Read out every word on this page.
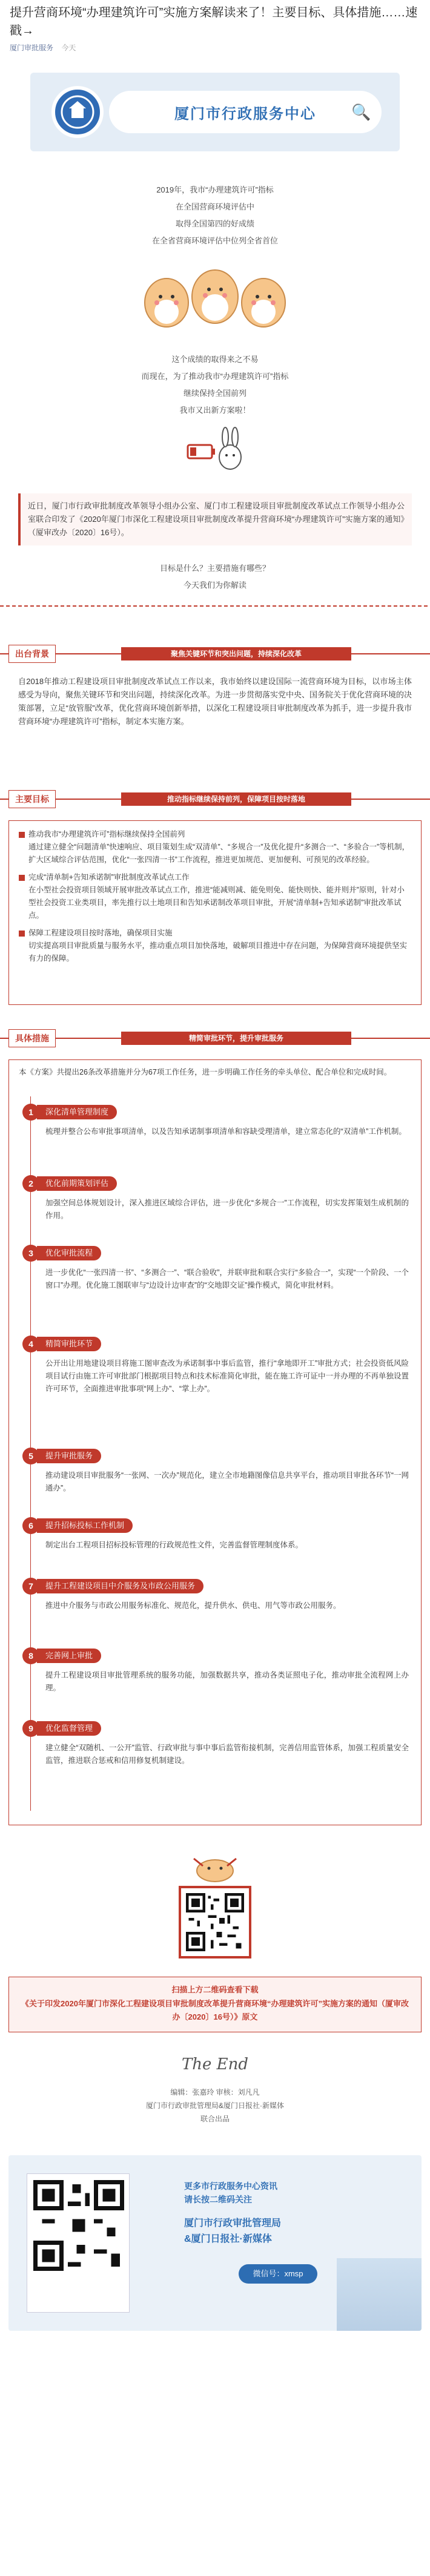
提升营商环境“办理建筑许可”实施方案解读来了！主要目标、具体措施……速戳→
厦门审批服务 今天
厦门市行政服务中心	🔍
2019年，我市“办理建筑许可”指标
在全国营商环境评估中
取得全国第四的好成绩
在全省营商环境评估中位列全省首位
这个成绩的取得来之不易
而现在，为了推动我市“办理建筑许可”指标
继续保持全国前列
我市又出新方案啦！
近日，厦门市行政审批制度改革领导小组办公室、厦门市工程建设项目审批制度改革试点工作领导小组办公室联合印发了《2020年厦门市深化工程建设项目审批制度改革提升营商环境“办理建筑许可”实施方案的通知》（厦审改办〔2020〕16号）。
目标是什么？主要措施有哪些？
今天我们为你解读
出台背景	聚焦关键环节和突出问题，持续深化改革
自2018年推动工程建设项目审批制度改革试点工作以来，我市始终以建设国际一流营商环境为目标，以市场主体感受为导向，聚焦关键环节和突出问题，持续深化改革。为进一步贯彻落实党中央、国务院关于优化营商环境的决策部署，立足“放管服”改革，优化营商环境创新举措，以深化工程建设项目审批制度改革为抓手，进一步提升我市营商环境“办理建筑许可”指标，制定本实施方案。
主要目标	推动指标继续保持前列，保障项目按时落地
推动我市“办理建筑许可”指标继续保持全国前列
通过建立健全“问题清单”快速响应、项目策划生成“双清单”、“多规合一”及优化提升“多测合一”、“多验合一”等机制，扩大区域综合评估范围，优化“一张四清一书”工作流程，推进更加规范、更加便利、可预见的改革经验。
完成“清单制+告知承诺制”审批制度改革试点工作
在小型社会投资项目领域开展审批改革试点工作，推进“能减则减、能免则免、能快则快、能并则并”原则，针对小型社会投资工业类项目，率先推行以土地项目和告知承诺制改革项目审批，开展“清单制+告知承诺制”审批改革试点。
保障工程建设项目按时落地，确保项目实施
切实提高项目审批质量与服务水平，推动重点项目加快落地，破解项目推进中存在问题，为保障营商环境提供坚实有力的保障。
具体措施	精简审批环节，提升审批服务
本《方案》共提出26条改革措施并分为67项工作任务，进一步明确工作任务的牵头单位、配合单位和完成时间。
1	深化清单管理制度
梳理并整合公布审批事项清单，以及告知承诺制事项清单和容缺受理清单，建立常态化的“双清单”工作机制。
2	优化前期策划评估
加强空间总体规划设计，深入推进区域综合评估，进一步优化“多规合一”工作流程，切实发挥策划生成机制的作用。
3	优化审批流程
进一步优化“一张四清一书”、“多测合一”、“联合验收”，并联审批和联合实行“多验合一”，实现“一个阶段、一个窗口”办理。优化施工图联审与“边设计边审查”的“交地即交证”操作模式，简化审批材料。
4	精简审批环节
公开出让用地建设项目将施工图审查改为承诺制事中事后监管，推行“拿地即开工”审批方式；社会投资低风险项目试行由施工许可审批部门根据项目特点和技术标准简化审批，能在施工许可证中一并办理的不再单独设置许可环节，全面推进审批事项“网上办”、“掌上办”。
5	提升审批服务
推动建设项目审批服务“一张网、一次办”规范化，建立全市地籍图像信息共享平台，推动项目审批各环节“一网通办”。
6	提升招标投标工作机制
制定出台工程项目招标投标管理的行政规范性文件，完善监督管理制度体系。
7	提升工程建设项目中介服务及市政公用服务
推进中介服务与市政公用服务标准化、规范化，提升供水、供电、用气等市政公用服务。
8	完善网上审批
提升工程建设项目审批管理系统的服务功能，加强数据共享，推动各类证照电子化，推动审批全流程网上办理。
9	优化监督管理
建立健全“双随机、一公开”监管、行政审批与事中事后监管衔接机制，完善信用监管体系，加强工程质量安全监管，推进联合惩戒和信用修复机制建设。
扫描上方二维码查看下载
《关于印发2020年厦门市深化工程建设项目审批制度改革提升营商环境“办理建筑许可”实施方案的通知（厦审改办〔2020〕16号）》原文
The End
编辑：张嘉玲 审核：刘凡凡
厦门市行政审批管理局&厦门日报社·新媒体
联合出品
更多市行政服务中心资讯
请长按二维码关注
厦门市行政审批管理局
&厦门日报社·新媒体
微信号：xmsp
